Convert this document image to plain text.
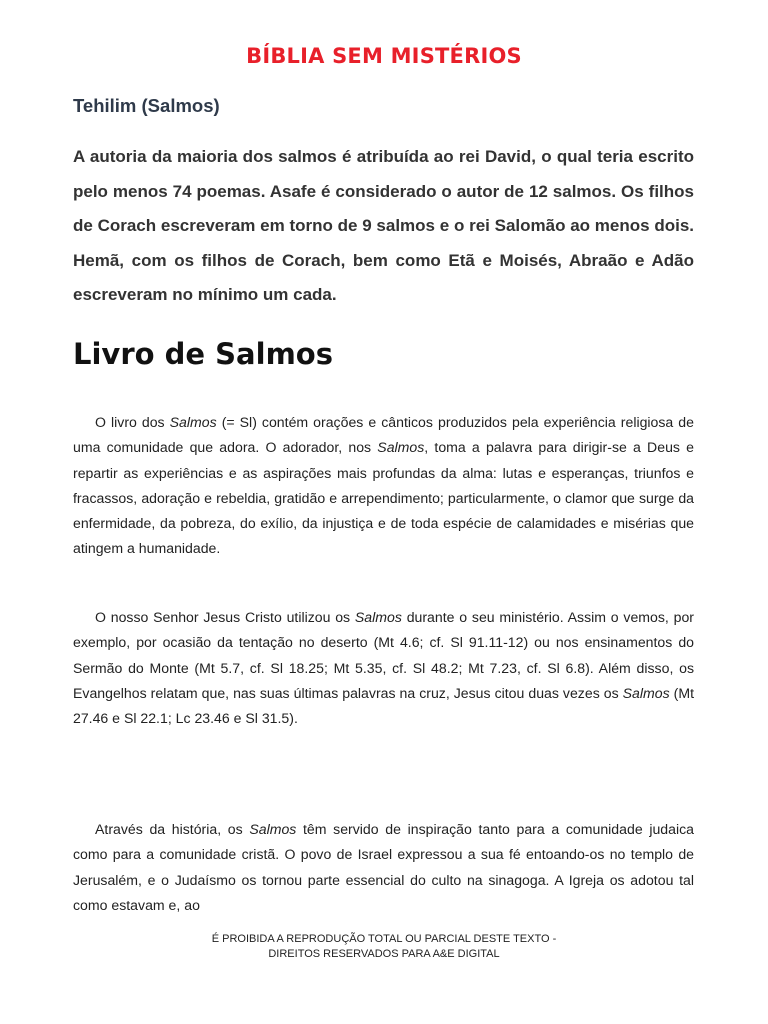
BÍBLIA SEM MISTÉRIOS
Tehilim (Salmos)
A autoria da maioria dos salmos é atribuída ao rei David, o qual teria escrito pelo menos 74 poemas. Asafe é considerado o autor de 12 salmos. Os filhos de Corach escreveram em torno de 9 salmos e o rei Salomão ao menos dois. Hemã, com os filhos de Corach, bem como Etã e Moisés, Abraão e Adão escreveram no mínimo um cada.
Livro de Salmos

O livro dos Salmos (= Sl) contém orações e cânticos produzidos pela experiência religiosa de uma comunidade que adora. O adorador, nos Salmos, toma a palavra para dirigir-se a Deus e repartir as experiências e as aspirações mais profundas da alma: lutas e esperanças, triunfos e fracassos, adoração e rebeldia, gratidão e arrependimento; particularmente, o clamor que surge da enfermidade, da pobreza, do exílio, da injustiça e de toda espécie de calamidades e misérias que atingem a humanidade.

O nosso Senhor Jesus Cristo utilizou os Salmos durante o seu ministério. Assim o vemos, por exemplo, por ocasião da tentação no deserto (Mt 4.6; cf. Sl 91.11-12) ou nos ensinamentos do Sermão do Monte (Mt 5.7, cf. Sl 18.25; Mt 5.35, cf. Sl 48.2; Mt 7.23, cf. Sl 6.8). Além disso, os Evangelhos relatam que, nas suas últimas palavras na cruz, Jesus citou duas vezes os Salmos (Mt 27.46 e Sl 22.1; Lc 23.46 e Sl 31.5).

Através da história, os Salmos têm servido de inspiração tanto para a comunidade judaica como para a comunidade cristã. O povo de Israel expressou a sua fé entoando-os no templo de Jerusalém, e o Judaísmo os tornou parte essencial do culto na sinagoga. A Igreja os adotou tal como estavam e, ao

É PROIBIDA A REPRODUÇÃO TOTAL OU PARCIAL DESTE TEXTO -
DIREITOS RESERVADOS PARA A&E DIGITAL
